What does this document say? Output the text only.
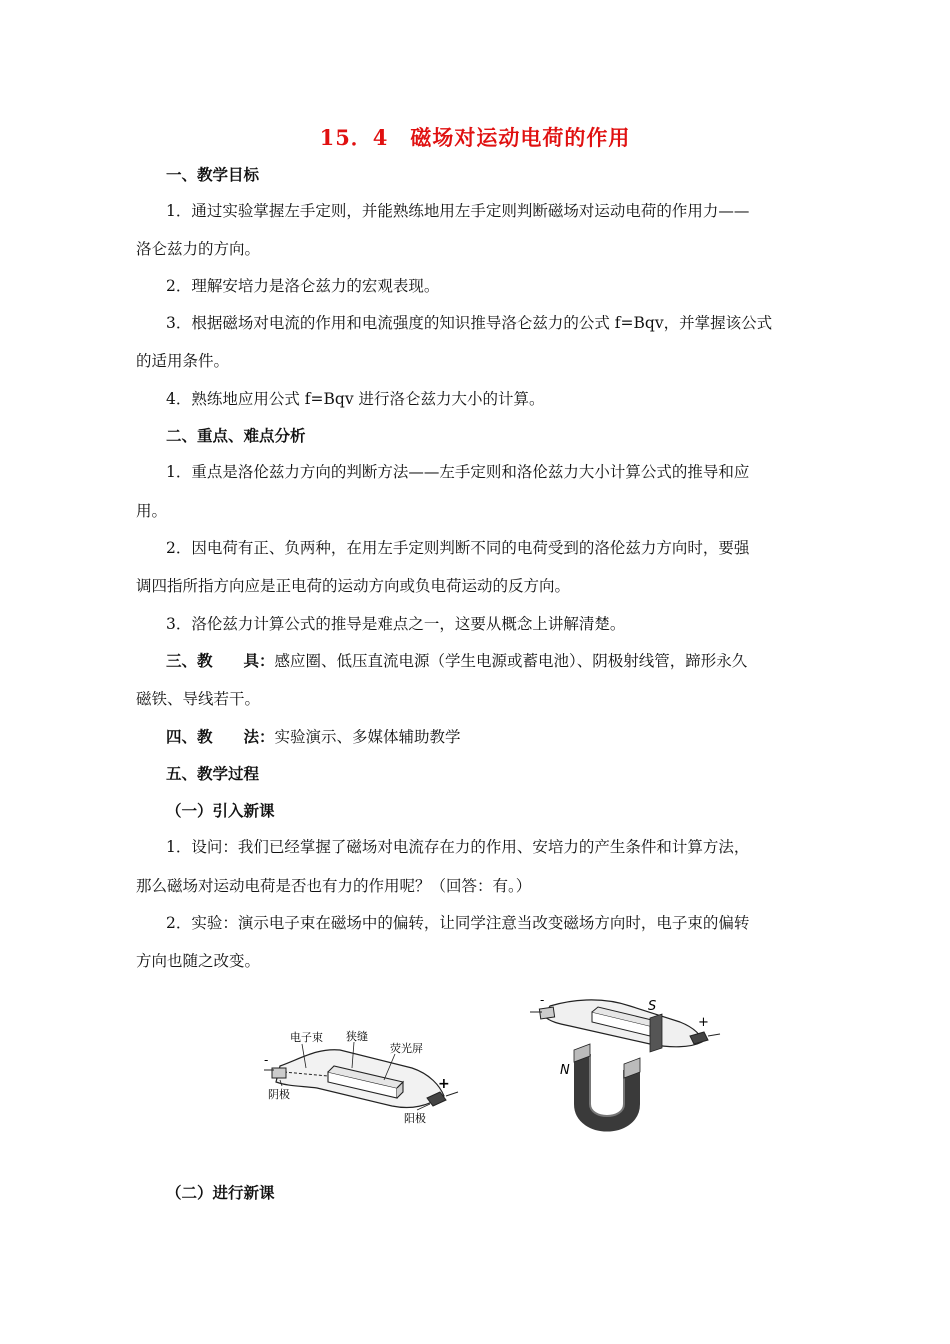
15．4　磁场对运动电荷的作用
一、教学目标
1．通过实验掌握左手定则，并能熟练地用左手定则判断磁场对运动电荷的作用力——
洛仑兹力的方向。
2．理解安培力是洛仑兹力的宏观表现。
3．根据磁场对电流的作用和电流强度的知识推导洛仑兹力的公式 f=Bqv，并掌握该公式
的适用条件。
4．熟练地应用公式 f=Bqv 进行洛仑兹力大小的计算。
二、重点、难点分析
1．重点是洛伦兹力方向的判断方法——左手定则和洛伦兹力大小计算公式的推导和应
用。
2．因电荷有正、负两种，在用左手定则判断不同的电荷受到的洛伦兹力方向时，要强
调四指所指方向应是正电荷的运动方向或负电荷运动的反方向。
3．洛伦兹力计算公式的推导是难点之一，这要从概念上讲解清楚。
三、教　　具：感应圈、低压直流电源（学生电源或蓄电池）、阴极射线管，蹄形永久
磁铁、导线若干。
四、教　　法：实验演示、多媒体辅助教学
五、教学过程
（一）引入新课
1．设问：我们已经掌握了磁场对电流存在力的作用、安培力的产生条件和计算方法，
那么磁场对运动电荷是否也有力的作用呢？（回答：有。）
2．实验：演示电子束在磁场中的偏转，让同学注意当改变磁场方向时，电子束的偏转
方向也随之改变。
电子束 狭缝
荧光屏
阴极
阳极
-
+
S
N
-
+
（二）进行新课
